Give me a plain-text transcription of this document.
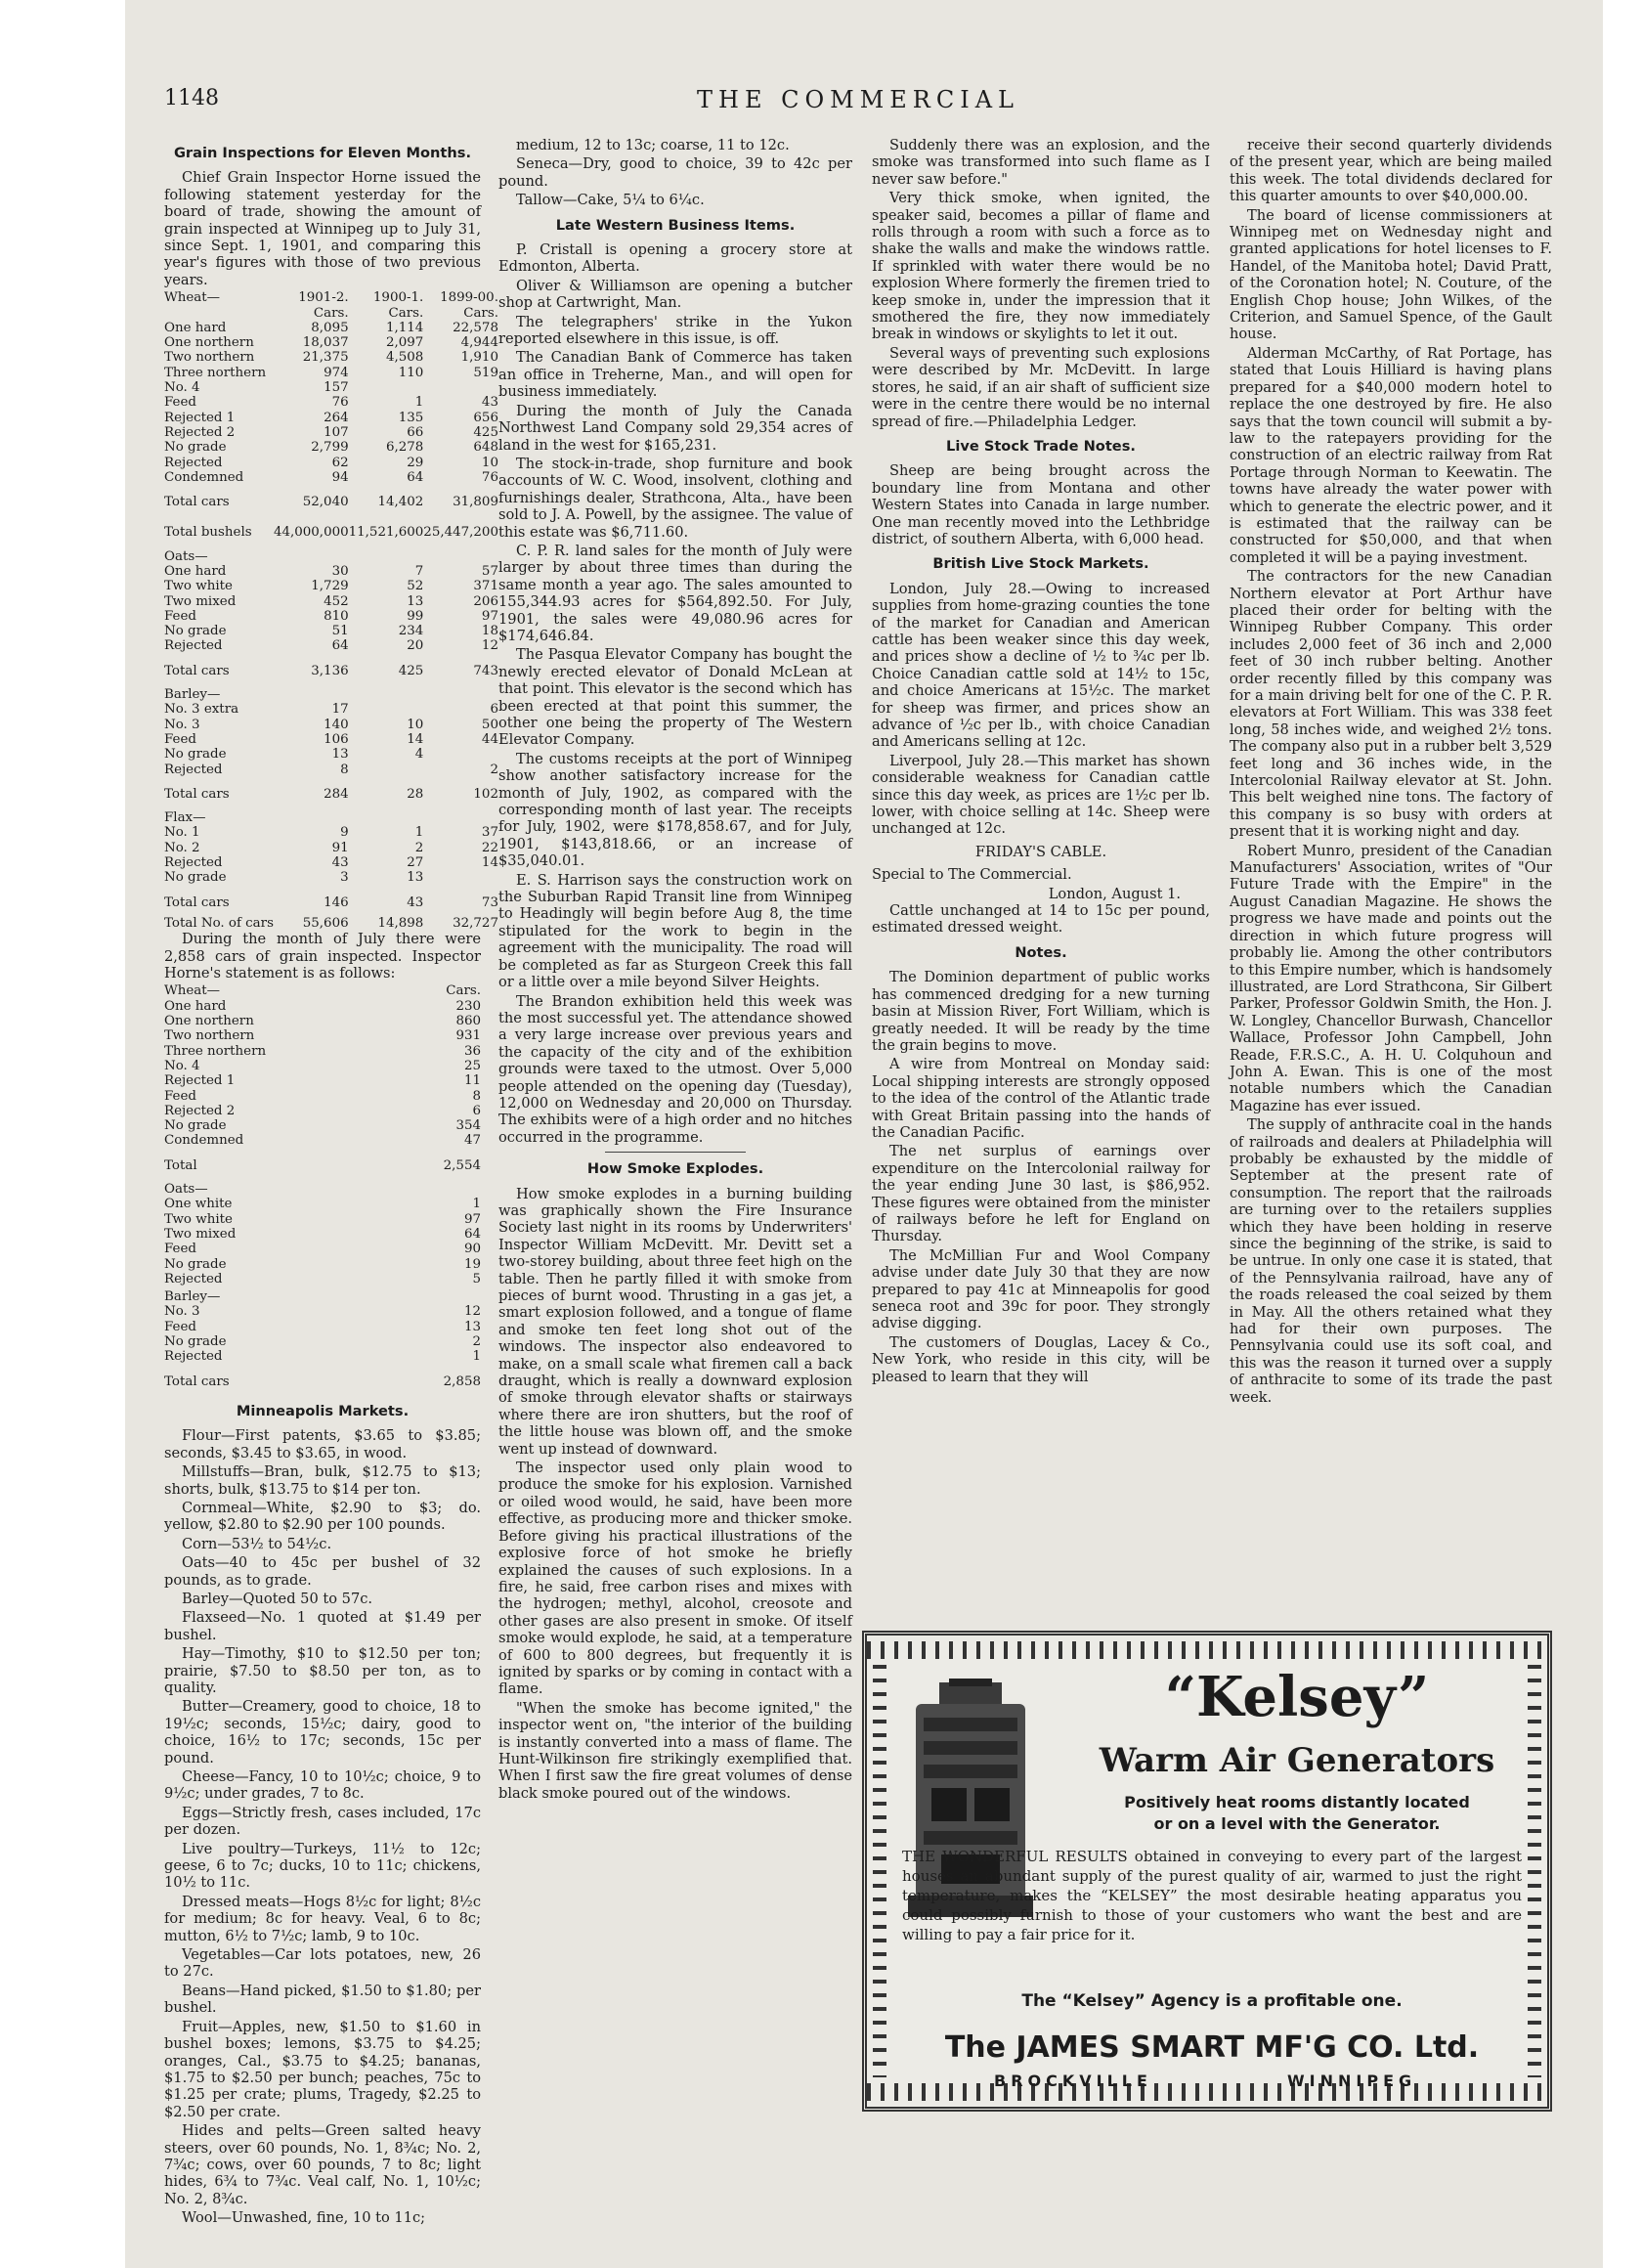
1148	THE COMMERCIAL
Grain Inspections for Eleven Months.

Chief Grain Inspector Horne issued the following statement yesterday for the board of trade, showing the amount of grain inspected at Winnipeg up to July 31, since Sept. 1, 1901, and comparing this year's figures with those of two previous years.

Wheat—	1901-2.	1900-1.	1899-00.
	Cars.	Cars.	Cars.
One hard	8,095	1,114	22,578
One northern	18,037	2,097	4,944
Two northern	21,375	4,508	1,910
Three northern	974	110	519
No. 4	157		
Feed	76	1	43
Rejected 1	264	135	656
Rejected 2	107	66	425
No grade	2,799	6,278	648
Rejected	62	29	10
Condemned	94	64	76
Total cars	52,040	14,402	31,809
Total bushels	44,000,000	11,521,600	25,447,200
Oats—			
One hard	30	7	57
Two white	1,729	52	371
Two mixed	452	13	206
Feed	810	99	97
No grade	51	234	18
Rejected	64	20	12
Total cars	3,136	425	743
Barley—			
No. 3 extra	17		6
No. 3	140	10	50
Feed	106	14	44
No grade	13	4	
Rejected	8		2
Total cars	284	28	102
Flax—			
No. 1	9	1	37
No. 2	91	2	22
Rejected	43	27	14
No grade	3	13	
Total cars	146	43	73
Total No. of cars	55,606	14,898	32,727

During the month of July there were 2,858 cars of grain inspected. Inspector Horne's statement is as follows:

Wheat—	Cars.
One hard	230
One northern	860
Two northern	931
Three northern	36
No. 4	25
Rejected 1	11
Feed	8
Rejected 2	6
No grade	354
Condemned	47
Total	2,554
Oats—	
One white	1
Two white	97
Two mixed	64
Feed	90
No grade	19
Rejected	5
Barley—	
No. 3	12
Feed	13
No grade	2
Rejected	1
Total cars	2,858
Minneapolis Markets.

Flour—First patents, $3.65 to $3.85; seconds, $3.45 to $3.65, in wood.

Millstuffs—Bran, bulk, $12.75 to $13; shorts, bulk, $13.75 to $14 per ton.

Cornmeal—White, $2.90 to $3; do. yellow, $2.80 to $2.90 per 100 pounds.

Corn—53½ to 54½c.

Oats—40 to 45c per bushel of 32 pounds, as to grade.

Barley—Quoted 50 to 57c.

Flaxseed—No. 1 quoted at $1.49 per bushel.

Hay—Timothy, $10 to $12.50 per ton; prairie, $7.50 to $8.50 per ton, as to quality.

Butter—Creamery, good to choice, 18 to 19½c; seconds, 15½c; dairy, good to choice, 16½ to 17c; seconds, 15c per pound.

Cheese—Fancy, 10 to 10½c; choice, 9 to 9½c; under grades, 7 to 8c.

Eggs—Strictly fresh, cases included, 17c per dozen.

Live poultry—Turkeys, 11½ to 12c; geese, 6 to 7c; ducks, 10 to 11c; chickens, 10½ to 11c.

Dressed meats—Hogs 8½c for light; 8½c for medium; 8c for heavy. Veal, 6 to 8c; mutton, 6½ to 7½c; lamb, 9 to 10c.

Vegetables—Car lots potatoes, new, 26 to 27c.

Beans—Hand picked, $1.50 to $1.80; per bushel.

Fruit—Apples, new, $1.50 to $1.60 in bushel boxes; lemons, $3.75 to $4.25; oranges, Cal., $3.75 to $4.25; bananas, $1.75 to $2.50 per bunch; peaches, 75c to $1.25 per crate; plums, Tragedy, $2.25 to $2.50 per crate.

Hides and pelts—Green salted heavy steers, over 60 pounds, No. 1, 8¾c; No. 2, 7¾c; cows, over 60 pounds, 7 to 8c; light hides, 6¾ to 7¾c. Veal calf, No. 1, 10½c; No. 2, 8¾c.

Wool—Unwashed, fine, 10 to 11c;

medium, 12 to 13c; coarse, 11 to 12c.

Seneca—Dry, good to choice, 39 to 42c per pound.

Tallow—Cake, 5¼ to 6¼c.

Late Western Business Items.

P. Cristall is opening a grocery store at Edmonton, Alberta.

Oliver & Williamson are opening a butcher shop at Cartwright, Man.

The telegraphers' strike in the Yukon reported elsewhere in this issue, is off.

The Canadian Bank of Commerce has taken an office in Treherne, Man., and will open for business immediately.

During the month of July the Canada Northwest Land Company sold 29,354 acres of land in the west for $165,231.

The stock-in-trade, shop furniture and book accounts of W. C. Wood, insolvent, clothing and furnishings dealer, Strathcona, Alta., have been sold to J. A. Powell, by the assignee. The value of this estate was $6,711.60.

C. P. R. land sales for the month of July were larger by about three times than during the same month a year ago. The sales amounted to 155,344.93 acres for $564,892.50. For July, 1901, the sales were 49,080.96 acres for $174,646.84.

The Pasqua Elevator Company has bought the newly erected elevator of Donald McLean at that point. This elevator is the second which has been erected at that point this summer, the other one being the property of The Western Elevator Company.

The customs receipts at the port of Winnipeg show another satisfactory increase for the month of July, 1902, as compared with the corresponding month of last year. The receipts for July, 1902, were $178,858.67, and for July, 1901, $143,818.66, or an increase of $35,040.01.

E. S. Harrison says the construction work on the Suburban Rapid Transit line from Winnipeg to Headingly will begin before Aug 8, the time stipulated for the work to begin in the agreement with the municipality. The road will be completed as far as Sturgeon Creek this fall or a little over a mile beyond Silver Heights.

The Brandon exhibition held this week was the most successful yet. The attendance showed a very large increase over previous years and the capacity of the city and of the exhibition grounds were taxed to the utmost. Over 5,000 people attended on the opening day (Tuesday), 12,000 on Wednesday and 20,000 on Thursday. The exhibits were of a high order and no hitches occurred in the programme.

How Smoke Explodes.

How smoke explodes in a burning building was graphically shown the Fire Insurance Society last night in its rooms by Underwriters' Inspector William McDevitt. Mr. Devitt set a two-storey building, about three feet high on the table. Then he partly filled it with smoke from pieces of burnt wood. Thrusting in a gas jet, a smart explosion followed, and a tongue of flame and smoke ten feet long shot out of the windows. The inspector also endeavored to make, on a small scale what firemen call a back draught, which is really a downward explosion of smoke through elevator shafts or stairways where there are iron shutters, but the roof of the little house was blown off, and the smoke went up instead of downward.

The inspector used only plain wood to produce the smoke for his explosion. Varnished or oiled wood would, he said, have been more effective, as producing more and thicker smoke. Before giving his practical illustrations of the explosive force of hot smoke he briefly explained the causes of such explosions. In a fire, he said, free carbon rises and mixes with the hydrogen; methyl, alcohol, creosote and other gases are also present in smoke. Of itself smoke would explode, he said, at a temperature of 600 to 800 degrees, but frequently it is ignited by sparks or by coming in contact with a flame.

"When the smoke has become ignited," the inspector went on, "the interior of the building is instantly converted into a mass of flame. The Hunt-Wilkinson fire strikingly exemplified that. When I first saw the fire great volumes of dense black smoke poured out of the windows.

Suddenly there was an explosion, and the smoke was transformed into such flame as I never saw before."

Very thick smoke, when ignited, the speaker said, becomes a pillar of flame and rolls through a room with such a force as to shake the walls and make the windows rattle. If sprinkled with water there would be no explosion Where formerly the firemen tried to keep smoke in, under the impression that it smothered the fire, they now immediately break in windows or skylights to let it out.

Several ways of preventing such explosions were described by Mr. McDevitt. In large stores, he said, if an air shaft of sufficient size were in the centre there would be no internal spread of fire.—Philadelphia Ledger.

Live Stock Trade Notes.

Sheep are being brought across the boundary line from Montana and other Western States into Canada in large number. One man recently moved into the Lethbridge district, of southern Alberta, with 6,000 head.

British Live Stock Markets.

London, July 28.—Owing to increased supplies from home-grazing counties the tone of the market for Canadian and American cattle has been weaker since this day week, and prices show a decline of ½ to ¾c per lb. Choice Canadian cattle sold at 14½ to 15c, and choice Americans at 15½c. The market for sheep was firmer, and prices show an advance of ½c per lb., with choice Canadian and Americans selling at 12c.

Liverpool, July 28.—This market has shown considerable weakness for Canadian cattle since this day week, as prices are 1½c per lb. lower, with choice selling at 14c. Sheep were unchanged at 12c.

FRIDAY'S CABLE.

Special to The Commercial.

London, August 1.

Cattle unchanged at 14 to 15c per pound, estimated dressed weight.

Notes.

The Dominion department of public works has commenced dredging for a new turning basin at Mission River, Fort William, which is greatly needed. It will be ready by the time the grain begins to move.

A wire from Montreal on Monday said: Local shipping interests are strongly opposed to the idea of the control of the Atlantic trade with Great Britain passing into the hands of the Canadian Pacific.

The net surplus of earnings over expenditure on the Intercolonial railway for the year ending June 30 last, is $86,952. These figures were obtained from the minister of railways before he left for England on Thursday.

The McMillian Fur and Wool Company advise under date July 30 that they are now prepared to pay 41c at Minneapolis for good seneca root and 39c for poor. They strongly advise digging.

The customers of Douglas, Lacey & Co., New York, who reside in this city, will be pleased to learn that they will

receive their second quarterly dividends of the present year, which are being mailed this week. The total dividends declared for this quarter amounts to over $40,000.00.

The board of license commissioners at Winnipeg met on Wednesday night and granted applications for hotel licenses to F. Handel, of the Manitoba hotel; David Pratt, of the Coronation hotel; N. Couture, of the English Chop house; John Wilkes, of the Criterion, and Samuel Spence, of the Gault house.

Alderman McCarthy, of Rat Portage, has stated that Louis Hilliard is having plans prepared for a $40,000 modern hotel to replace the one destroyed by fire. He also says that the town council will submit a by-law to the ratepayers providing for the construction of an electric railway from Rat Portage through Norman to Keewatin. The towns have already the water power with which to generate the electric power, and it is estimated that the railway can be constructed for $50,000, and that when completed it will be a paying investment.

The contractors for the new Canadian Northern elevator at Port Arthur have placed their order for belting with the Winnipeg Rubber Company. This order includes 2,000 feet of 36 inch and 2,000 feet of 30 inch rubber belting. Another order recently filled by this company was for a main driving belt for one of the C. P. R. elevators at Fort William. This was 338 feet long, 58 inches wide, and weighed 2½ tons. The company also put in a rubber belt 3,529 feet long and 36 inches wide, in the Intercolonial Railway elevator at St. John. This belt weighed nine tons. The factory of this company is so busy with orders at present that it is working night and day.

Robert Munro, president of the Canadian Manufacturers' Association, writes of "Our Future Trade with the Empire" in the August Canadian Magazine. He shows the progress we have made and points out the direction in which future progress will probably lie. Among the other contributors to this Empire number, which is handsomely illustrated, are Lord Strathcona, Sir Gilbert Parker, Professor Goldwin Smith, the Hon. J. W. Longley, Chancellor Burwash, Chancellor Wallace, Professor John Campbell, John Reade, F.R.S.C., A. H. U. Colquhoun and John A. Ewan. This is one of the most notable numbers which the Canadian Magazine has ever issued.

The supply of anthracite coal in the hands of railroads and dealers at Philadelphia will probably be exhausted by the middle of September at the present rate of consumption. The report that the railroads are turning over to the retailers supplies which they have been holding in reserve since the beginning of the strike, is said to be untrue. In only one case it is stated, that of the Pennsylvania railroad, have any of the roads released the coal seized by them in May. All the others retained what they had for their own purposes. The Pennsylvania could use its soft coal, and this was the reason it turned over a supply of anthracite to some of its trade the past week.

“Kelsey”
Warm Air Generators
Positively heat rooms distantly located
or on a level with the Generator.
THE WONDERFUL RESULTS obtained in conveying to every part of the largest houses an abundant supply of the purest quality of air, warmed to just the right temperature, makes the “KELSEY” the most desirable heating apparatus you could possibly furnish to those of your customers who want the best and are willing to pay a fair price for it.
The “Kelsey” Agency is a profitable one.
The JAMES SMART MF'G CO. Ltd.
BROCKVILLE	WINNIPEG
